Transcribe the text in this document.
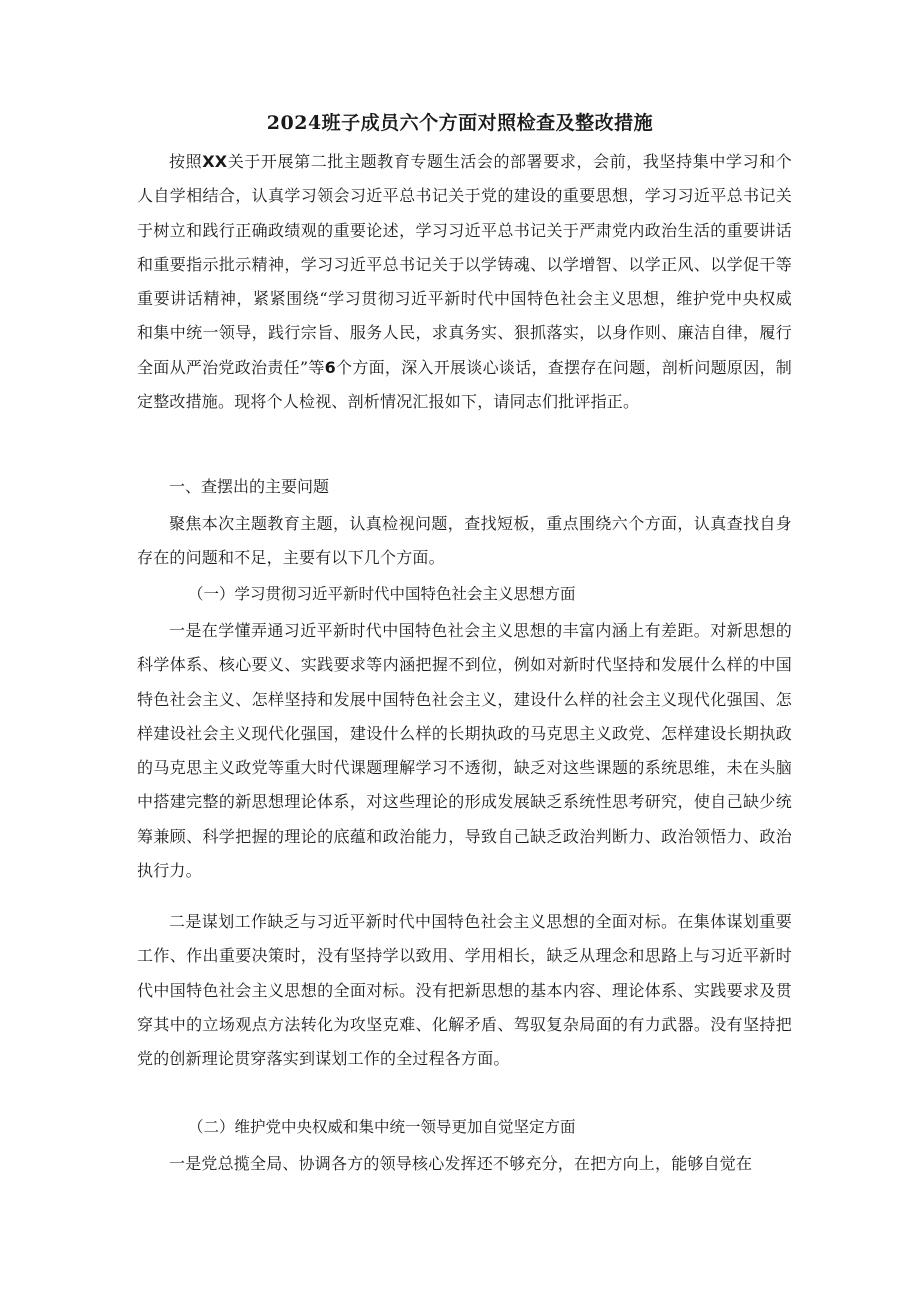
2024班子成员六个方面对照检查及整改措施
按照XX关于开展第二批主题教育专题生活会的部署要求，会前，我坚持集中学习和个人自学相结合，认真学习领会习近平总书记关于党的建设的重要思想，学习习近平总书记关于树立和践行正确政绩观的重要论述，学习习近平总书记关于严肃党内政治生活的重要讲话和重要指示批示精神，学习习近平总书记关于以学铸魂、以学增智、以学正风、以学促干等重要讲话精神，紧紧围绕“学习贯彻习近平新时代中国特色社会主义思想，维护党中央权威和集中统一领导，践行宗旨、服务人民，求真务实、狠抓落实，以身作则、廉洁自律，履行全面从严治党政治责任”等6个方面，深入开展谈心谈话，查摆存在问题，剖析问题原因，制定整改措施。现将个人检视、剖析情况汇报如下，请同志们批评指正。
一、查摆出的主要问题
聚焦本次主题教育主题，认真检视问题，查找短板，重点围绕六个方面，认真查找自身存在的问题和不足，主要有以下几个方面。
（一）学习贯彻习近平新时代中国特色社会主义思想方面
一是在学懂弄通习近平新时代中国特色社会主义思想的丰富内涵上有差距。对新思想的科学体系、核心要义、实践要求等内涵把握不到位，例如对新时代坚持和发展什么样的中国特色社会主义、怎样坚持和发展中国特色社会主义，建设什么样的社会主义现代化强国、怎样建设社会主义现代化强国，建设什么样的长期执政的马克思主义政党、怎样建设长期执政的马克思主义政党等重大时代课题理解学习不透彻，缺乏对这些课题的系统思维，未在头脑中搭建完整的新思想理论体系，对这些理论的形成发展缺乏系统性思考研究，使自己缺少统筹兼顾、科学把握的理论的底蕴和政治能力，导致自己缺乏政治判断力、政治领悟力、政治执行力。
二是谋划工作缺乏与习近平新时代中国特色社会主义思想的全面对标。在集体谋划重要工作、作出重要决策时，没有坚持学以致用、学用相长，缺乏从理念和思路上与习近平新时代中国特色社会主义思想的全面对标。没有把新思想的基本内容、理论体系、实践要求及贯穿其中的立场观点方法转化为攻坚克难、化解矛盾、驾驭复杂局面的有力武器。没有坚持把党的创新理论贯穿落实到谋划工作的全过程各方面。
（二）维护党中央权威和集中统一领导更加自觉坚定方面
一是党总揽全局、协调各方的领导核心发挥还不够充分，在把方向上，能够自觉在
